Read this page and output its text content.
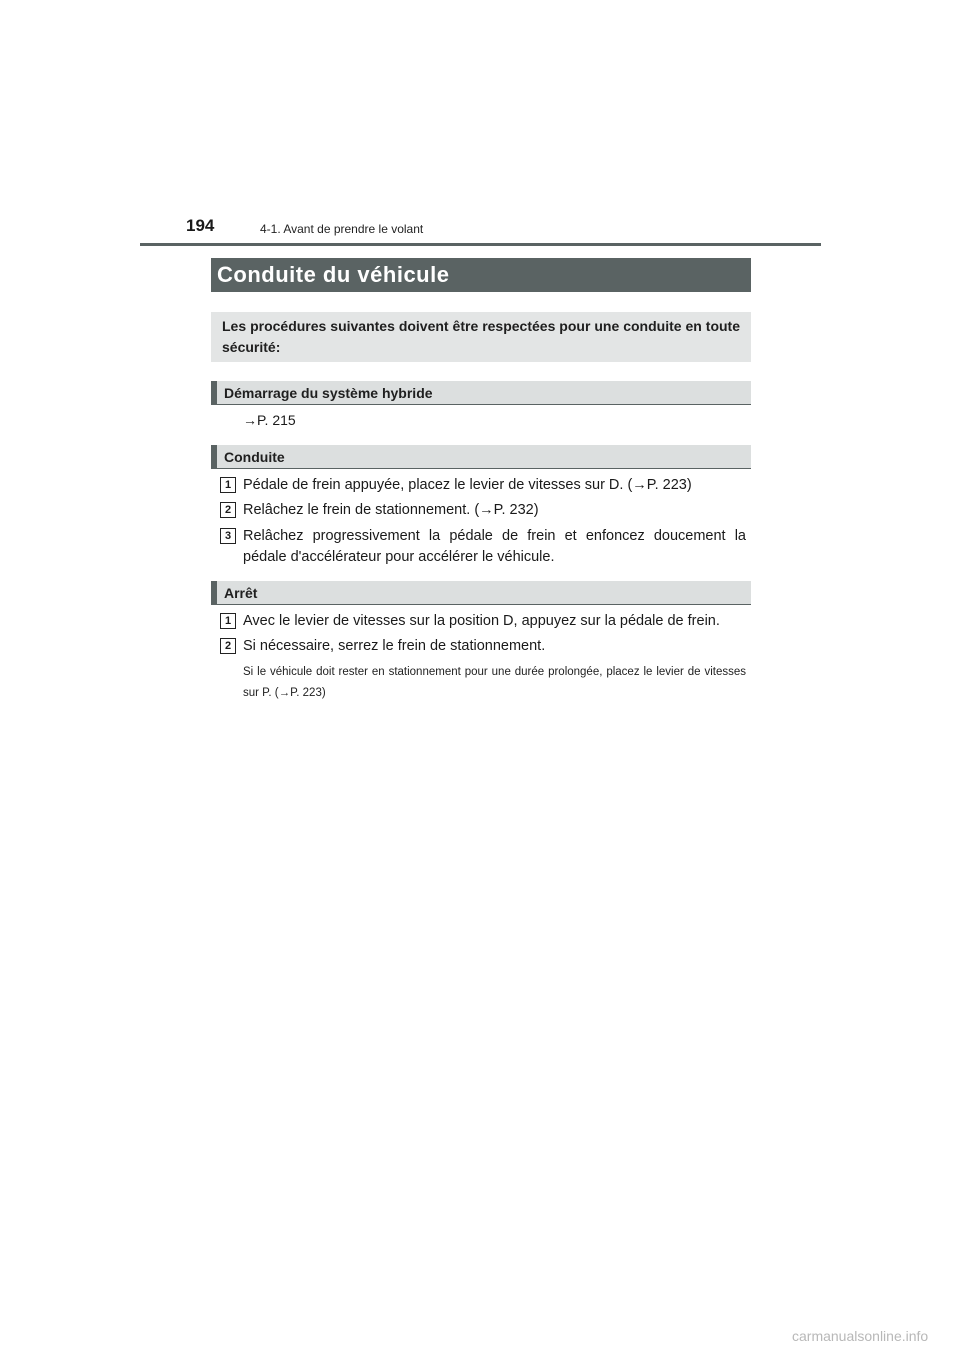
194	4-1. Avant de prendre le volant
Conduite du véhicule
Les procédures suivantes doivent être respectées pour une conduite en toute sécurité:
Démarrage du système hybride
→P. 215
Conduite
1 Pédale de frein appuyée, placez le levier de vitesses sur D. (→P. 223)
2 Relâchez le frein de stationnement. (→P. 232)
3 Relâchez progressivement la pédale de frein et enfoncez doucement la pédale d'accélérateur pour accélérer le véhicule.
Arrêt
1 Avec le levier de vitesses sur la position D, appuyez sur la pédale de frein.
2 Si nécessaire, serrez le frein de stationnement.
Si le véhicule doit rester en stationnement pour une durée prolongée, placez le levier de vitesses sur P. (→P. 223)
carmanualsonline.info
